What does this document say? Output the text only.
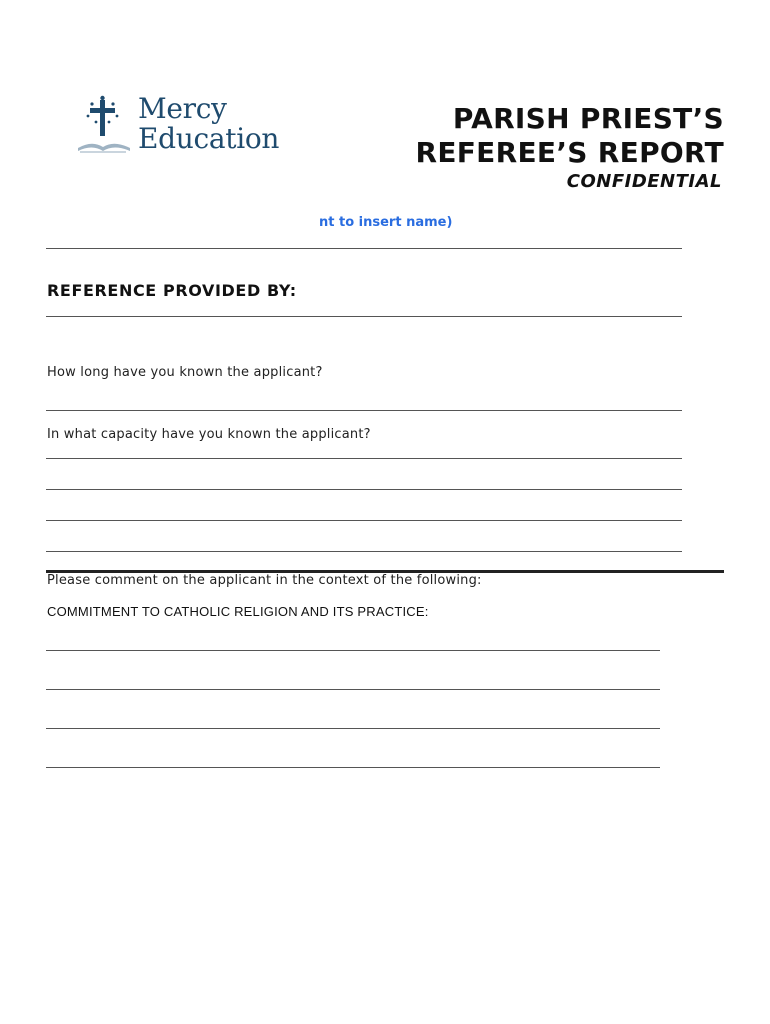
Mercy
Education
PARISH PRIEST’S
REFEREE’S REPORT
CONFIDENTIAL
nt to insert name)
REFERENCE PROVIDED BY:
How long have you known the applicant?
In what capacity have you known the applicant?
Please comment on the applicant in the context of the following:
COMMITMENT TO CATHOLIC RELIGION AND ITS PRACTICE:
